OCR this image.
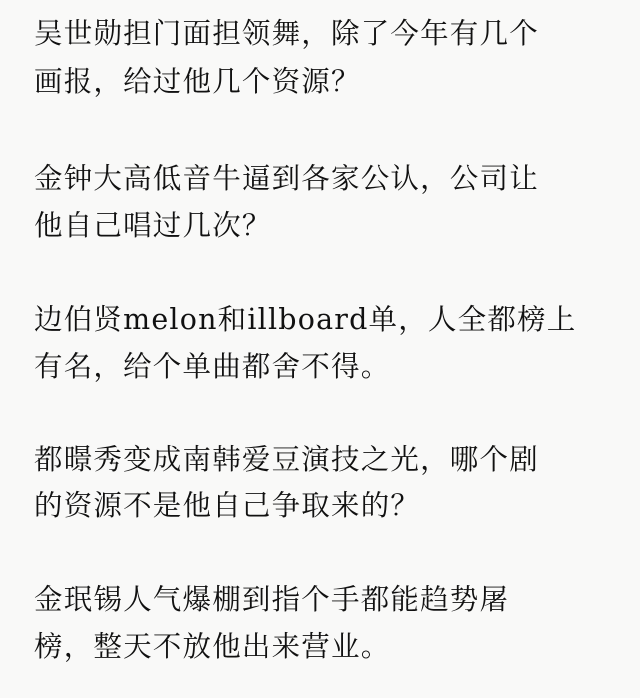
吴世勋担门面担领舞，除了今年有几个

画报，给过他几个资源？

金钟大高低音牛逼到各家公认，公司让

他自己唱过几次？

边伯贤melon和illboard单，人全都榜上

有名，给个单曲都舍不得。

都暻秀变成南韩爱豆演技之光，哪个剧

的资源不是他自己争取来的？

金珉锡人气爆棚到指个手都能趋势屠

榜，整天不放他出来营业。
